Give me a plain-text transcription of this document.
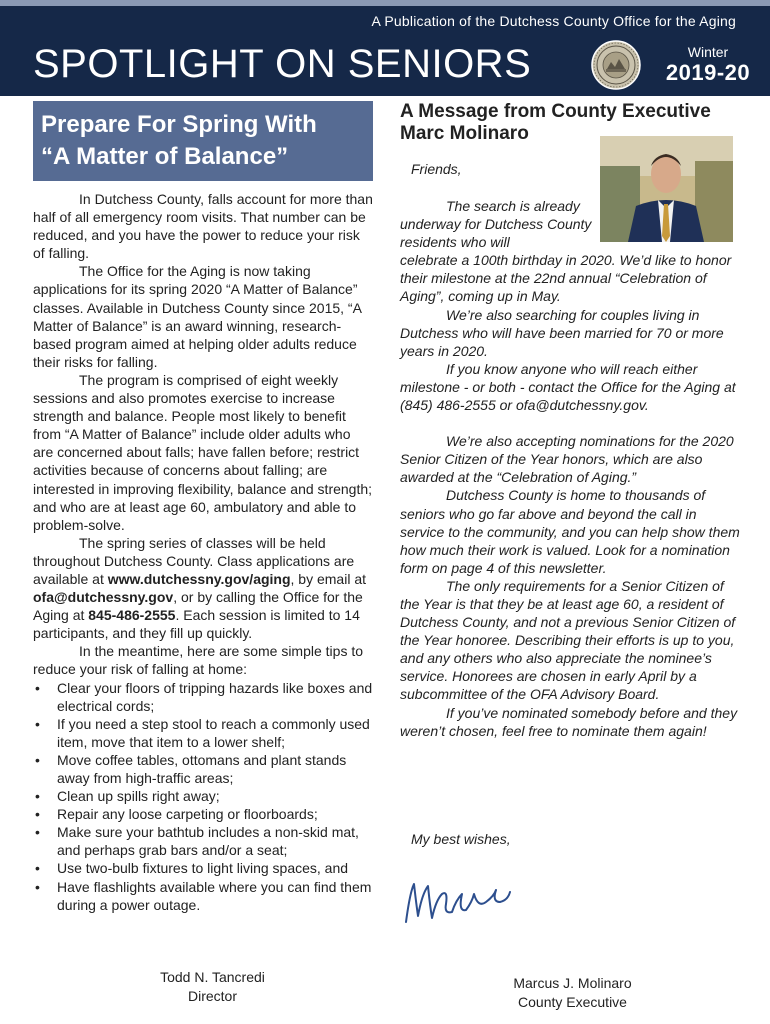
A Publication of the Dutchess County Office for the Aging
SPOTLIGHT ON SENIORS	Winter
2019-20
Prepare For Spring With
“A Matter of Balance”

In Dutchess County, falls account for more than half of all emergency room visits. That number can be reduced, and you have the power to reduce your risk of falling.

The Office for the Aging is now taking applications for its spring 2020 “A Matter of Balance” classes. Available in Dutchess County since 2015, “A Matter of Balance” is an award winning, research-based program aimed at helping older adults reduce their risks for falling.

The program is comprised of eight weekly sessions and also promotes exercise to increase strength and balance. People most likely to benefit from “A Matter of Balance” include older adults who are concerned about falls; have fallen before; restrict activities because of concerns about falling; are interested in improving flexibility, balance and strength; and who are at least age 60, ambulatory and able to problem-solve.

The spring series of classes will be held throughout Dutchess County. Class applications are available at www.dutchessny.gov/aging, by email at ofa@dutchessny.gov, or by calling the Office for the Aging at 845-486-2555. Each session is limited to 14 participants, and they fill up quickly.

In the meantime, here are some simple tips to reduce your risk of falling at home:

• Clear your floors of tripping hazards like boxes and electrical cords;
• If you need a step stool to reach a commonly used item, move that item to a lower shelf;
• Move coffee tables, ottomans and plant stands away from high-traffic areas;
• Clean up spills right away;
• Repair any loose carpeting or floorboards;
• Make sure your bathtub includes a non-skid mat, and perhaps grab bars and/or a seat;
• Use two-bulb fixtures to light living spaces, and
• Have flashlights available where you can find them during a power outage.
Todd N. Tancredi
Director
A Message from County Executive
Marc Molinaro
Friends,

The search is already underway for Dutchess County residents who will

celebrate a 100th birthday in 2020. We’d like to honor their milestone at the 22nd annual “Celebration of Aging”, coming up in May.

We’re also searching for couples living in Dutchess who will have been married for 70 or more years in 2020.

If you know anyone who will reach either milestone - or both - contact the Office for the Aging at (845) 486-2555 or ofa@dutchessny.gov.

We’re also accepting nominations for the 2020 Senior Citizen of the Year honors, which are also awarded at the “Celebration of Aging.”

Dutchess County is home to thousands of seniors who go far above and beyond the call in service to the community, and you can help show them how much their work is valued. Look for a nomination form on page 4 of this newsletter.

The only requirements for a Senior Citizen of the Year is that they be at least age 60, a resident of Dutchess County, and not a previous Senior Citizen of the Year honoree. Describing their efforts is up to you, and any others who also appreciate the nominee’s service. Honorees are chosen in early April by a subcommittee of the OFA Advisory Board.

If you’ve nominated somebody before and they weren’t chosen, feel free to nominate them again!

My best wishes,
Marcus J. Molinaro
County Executive
